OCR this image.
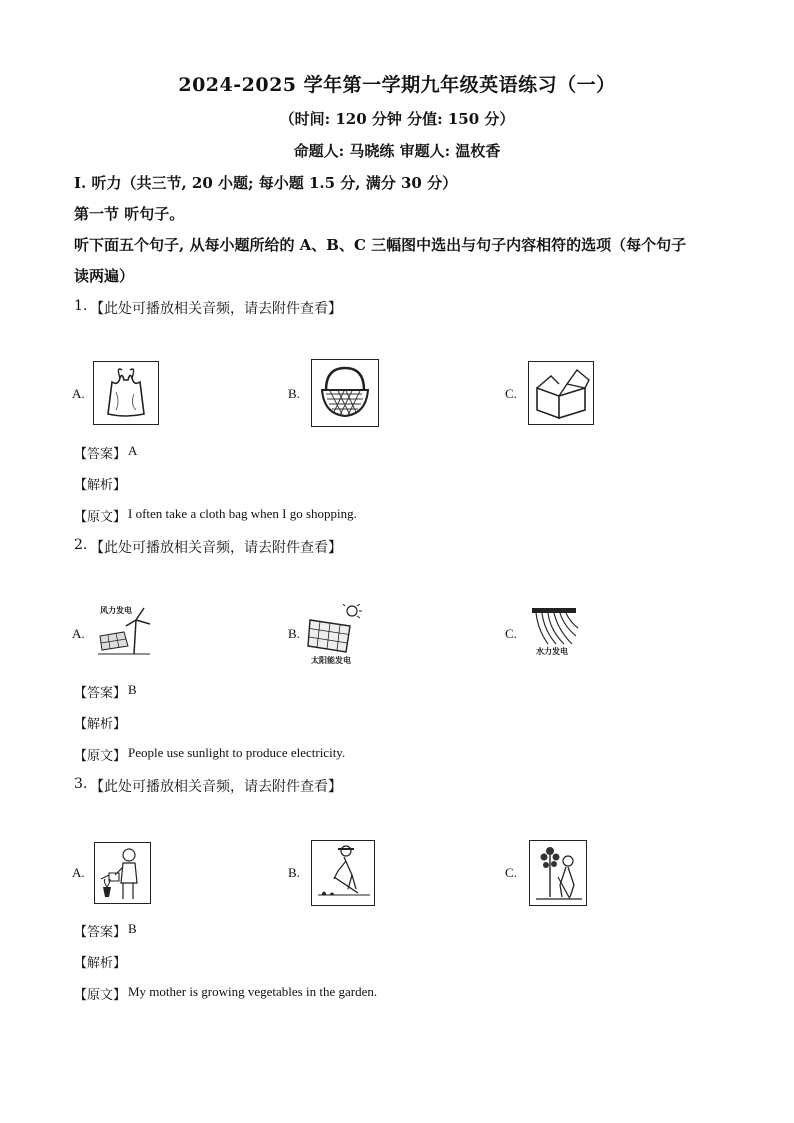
2024-2025 学年第一学期九年级英语练习（一）
（时间: 120 分钟 分值: 150 分）
命题人: 马晓练 审题人: 温枚香
I. 听力（共三节, 20 小题; 每小题 1.5 分, 满分 30 分）
第一节 听句子。
听下面五个句子, 从每小题所给的 A、B、C 三幅图中选出与句子内容相符的选项（每个句子
读两遍）
1. 【此处可播放相关音频，请去附件查看】
A.	B.	C.
【答案】 A
【解析】
【原文】 I often take a cloth bag when I go shopping.
2. 【此处可播放相关音频，请去附件查看】
A.
风力发电
B.
太阳能发电
C.
水力发电
【答案】 B
【解析】
【原文】 People use sunlight to produce electricity.
3. 【此处可播放相关音频，请去附件查看】
A.	B.	C.
【答案】 B
【解析】
【原文】 My mother is growing vegetables in the garden.
